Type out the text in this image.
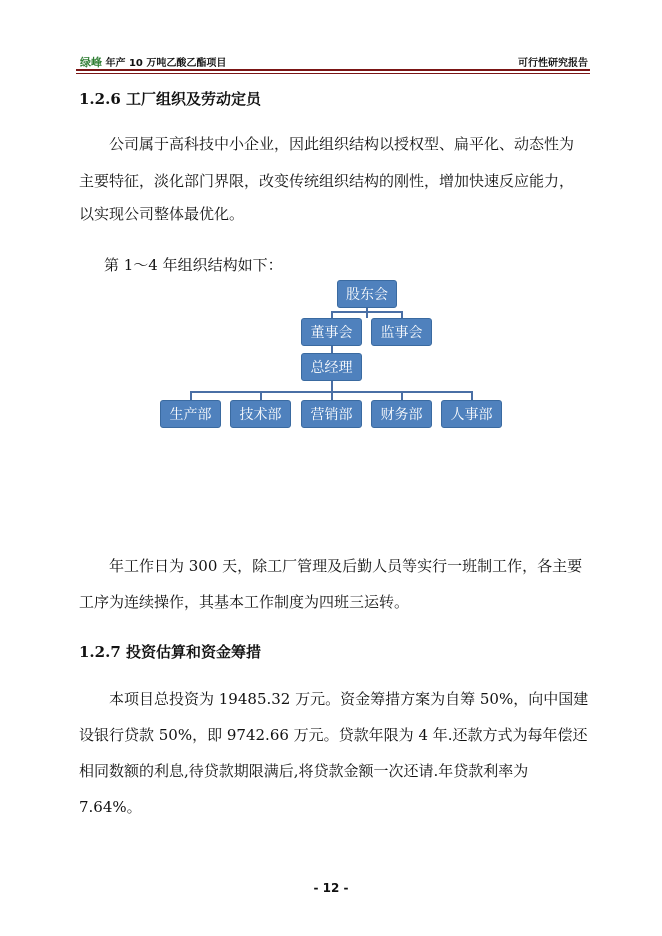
绿峰 年产 10 万吨乙酸乙酯项目	可行性研究报告
1.2.6 工厂组织及劳动定员
公司属于高科技中小企业，因此组织结构以授权型、扁平化、动态性为
主要特征，淡化部门界限，改变传统组织结构的刚性，增加快速反应能力，
以实现公司整体最优化。
第 1～4 年组织结构如下：
股东会
董事会	监事会
总经理
生产部	技术部	营销部	财务部	人事部
年工作日为 300 天，除工厂管理及后勤人员等实行一班制工作，各主要
工序为连续操作，其基本工作制度为四班三运转。
1.2.7 投资估算和资金筹措
本项目总投资为 19485.32 万元。资金筹措方案为自筹 50%，向中国建
设银行贷款 50%，即 9742.66 万元。贷款年限为 4 年.还款方式为每年偿还
相同数额的利息,待贷款期限满后,将贷款金额一次还请.年贷款利率为
7.64%。
- 12 -
